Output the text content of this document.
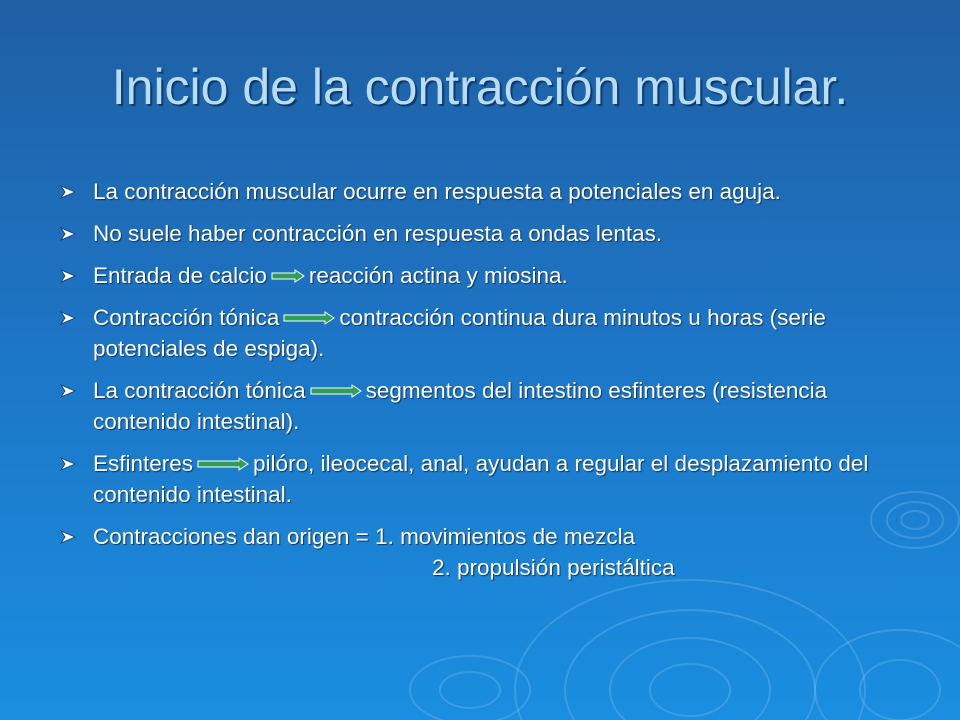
Inicio de la contracción muscular.
La contracción muscular ocurre en respuesta a potenciales en aguja.
No suele haber contracción en respuesta a ondas lentas.
Entrada de calcio reacción actina y miosina.
Contracción tónica	contracción continua dura minutos u horas (serie potenciales de espiga).
La contracción tónica	segmentos del intestino esfinteres (resistencia contenido intestinal).
Esfinteres	pilóro, ileocecal, anal, ayudan a regular el desplazamiento del contenido intestinal.
Contracciones dan origen = 1. movimientos de mezcla
2. propulsión peristáltica
